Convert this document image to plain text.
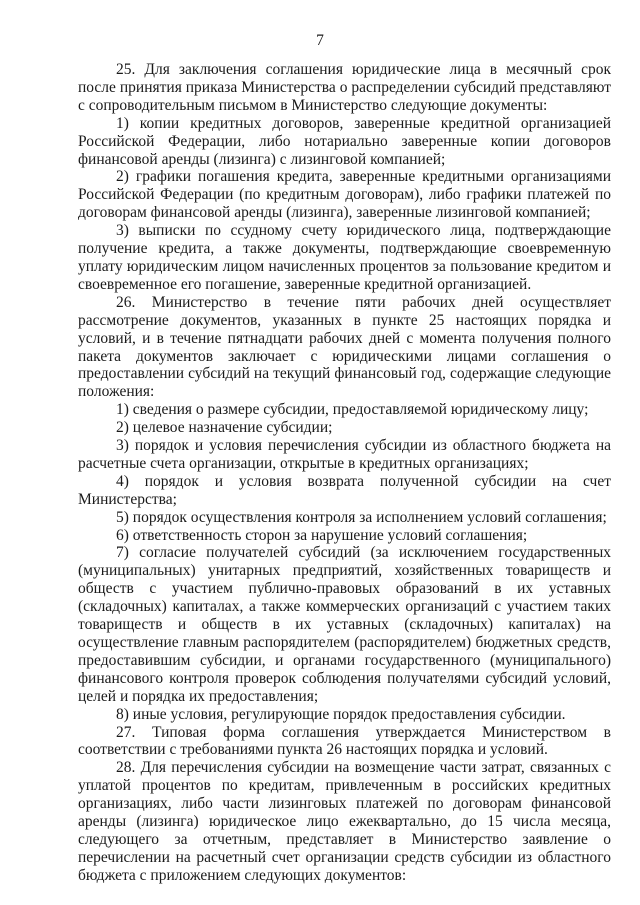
7

25. Для заключения соглашения юридические лица в месячный срок после принятия приказа Министерства о распределении субсидий представляют с сопроводительным письмом в Министерство следующие документы:

1) копии кредитных договоров, заверенные кредитной организацией Российской Федерации, либо нотариально заверенные копии договоров финансовой аренды (лизинга) с лизинговой компанией;

2) графики погашения кредита, заверенные кредитными организациями Российской Федерации (по кредитным договорам), либо графики платежей по договорам финансовой аренды (лизинга), заверенные лизинговой компанией;

3) выписки по ссудному счету юридического лица, подтверждающие получение кредита, а также документы, подтверждающие своевременную уплату юридическим лицом начисленных процентов за пользование кредитом и своевременное его погашение, заверенные кредитной организацией.

26. Министерство в течение пяти рабочих дней осуществляет рассмотрение документов, указанных в пункте 25 настоящих порядка и условий, и в течение пятнадцати рабочих дней с момента получения полного пакета документов заключает с юридическими лицами соглашения о предоставлении субсидий на текущий финансовый год, содержащие следующие положения:

1) сведения о размере субсидии, предоставляемой юридическому лицу;

2) целевое назначение субсидии;

3) порядок и условия перечисления субсидии из областного бюджета на расчетные счета организации, открытые в кредитных организациях;

4) порядок и условия возврата полученной субсидии на счет Министерства;

5) порядок осуществления контроля за исполнением условий соглашения;

6) ответственность сторон за нарушение условий соглашения;

7) согласие получателей субсидий (за исключением государственных (муниципальных) унитарных предприятий, хозяйственных товариществ и обществ с участием публично-правовых образований в их уставных (складочных) капиталах, а также коммерческих организаций с участием таких товариществ и обществ в их уставных (складочных) капиталах) на осуществление главным распорядителем (распорядителем) бюджетных средств, предоставившим субсидии, и органами государственного (муниципального) финансового контроля проверок соблюдения получателями субсидий условий, целей и порядка их предоставления;

8) иные условия, регулирующие порядок предоставления субсидии.

27. Типовая форма соглашения утверждается Министерством в соответствии с требованиями пункта 26 настоящих порядка и условий.

28. Для перечисления субсидии на возмещение части затрат, связанных с уплатой процентов по кредитам, привлеченным в российских кредитных организациях, либо части лизинговых платежей по договорам финансовой аренды (лизинга) юридическое лицо ежеквартально, до 15 числа месяца, следующего за отчетным, представляет в Министерство заявление о перечислении на расчетный счет организации средств субсидии из областного бюджета с приложением следующих документов:
